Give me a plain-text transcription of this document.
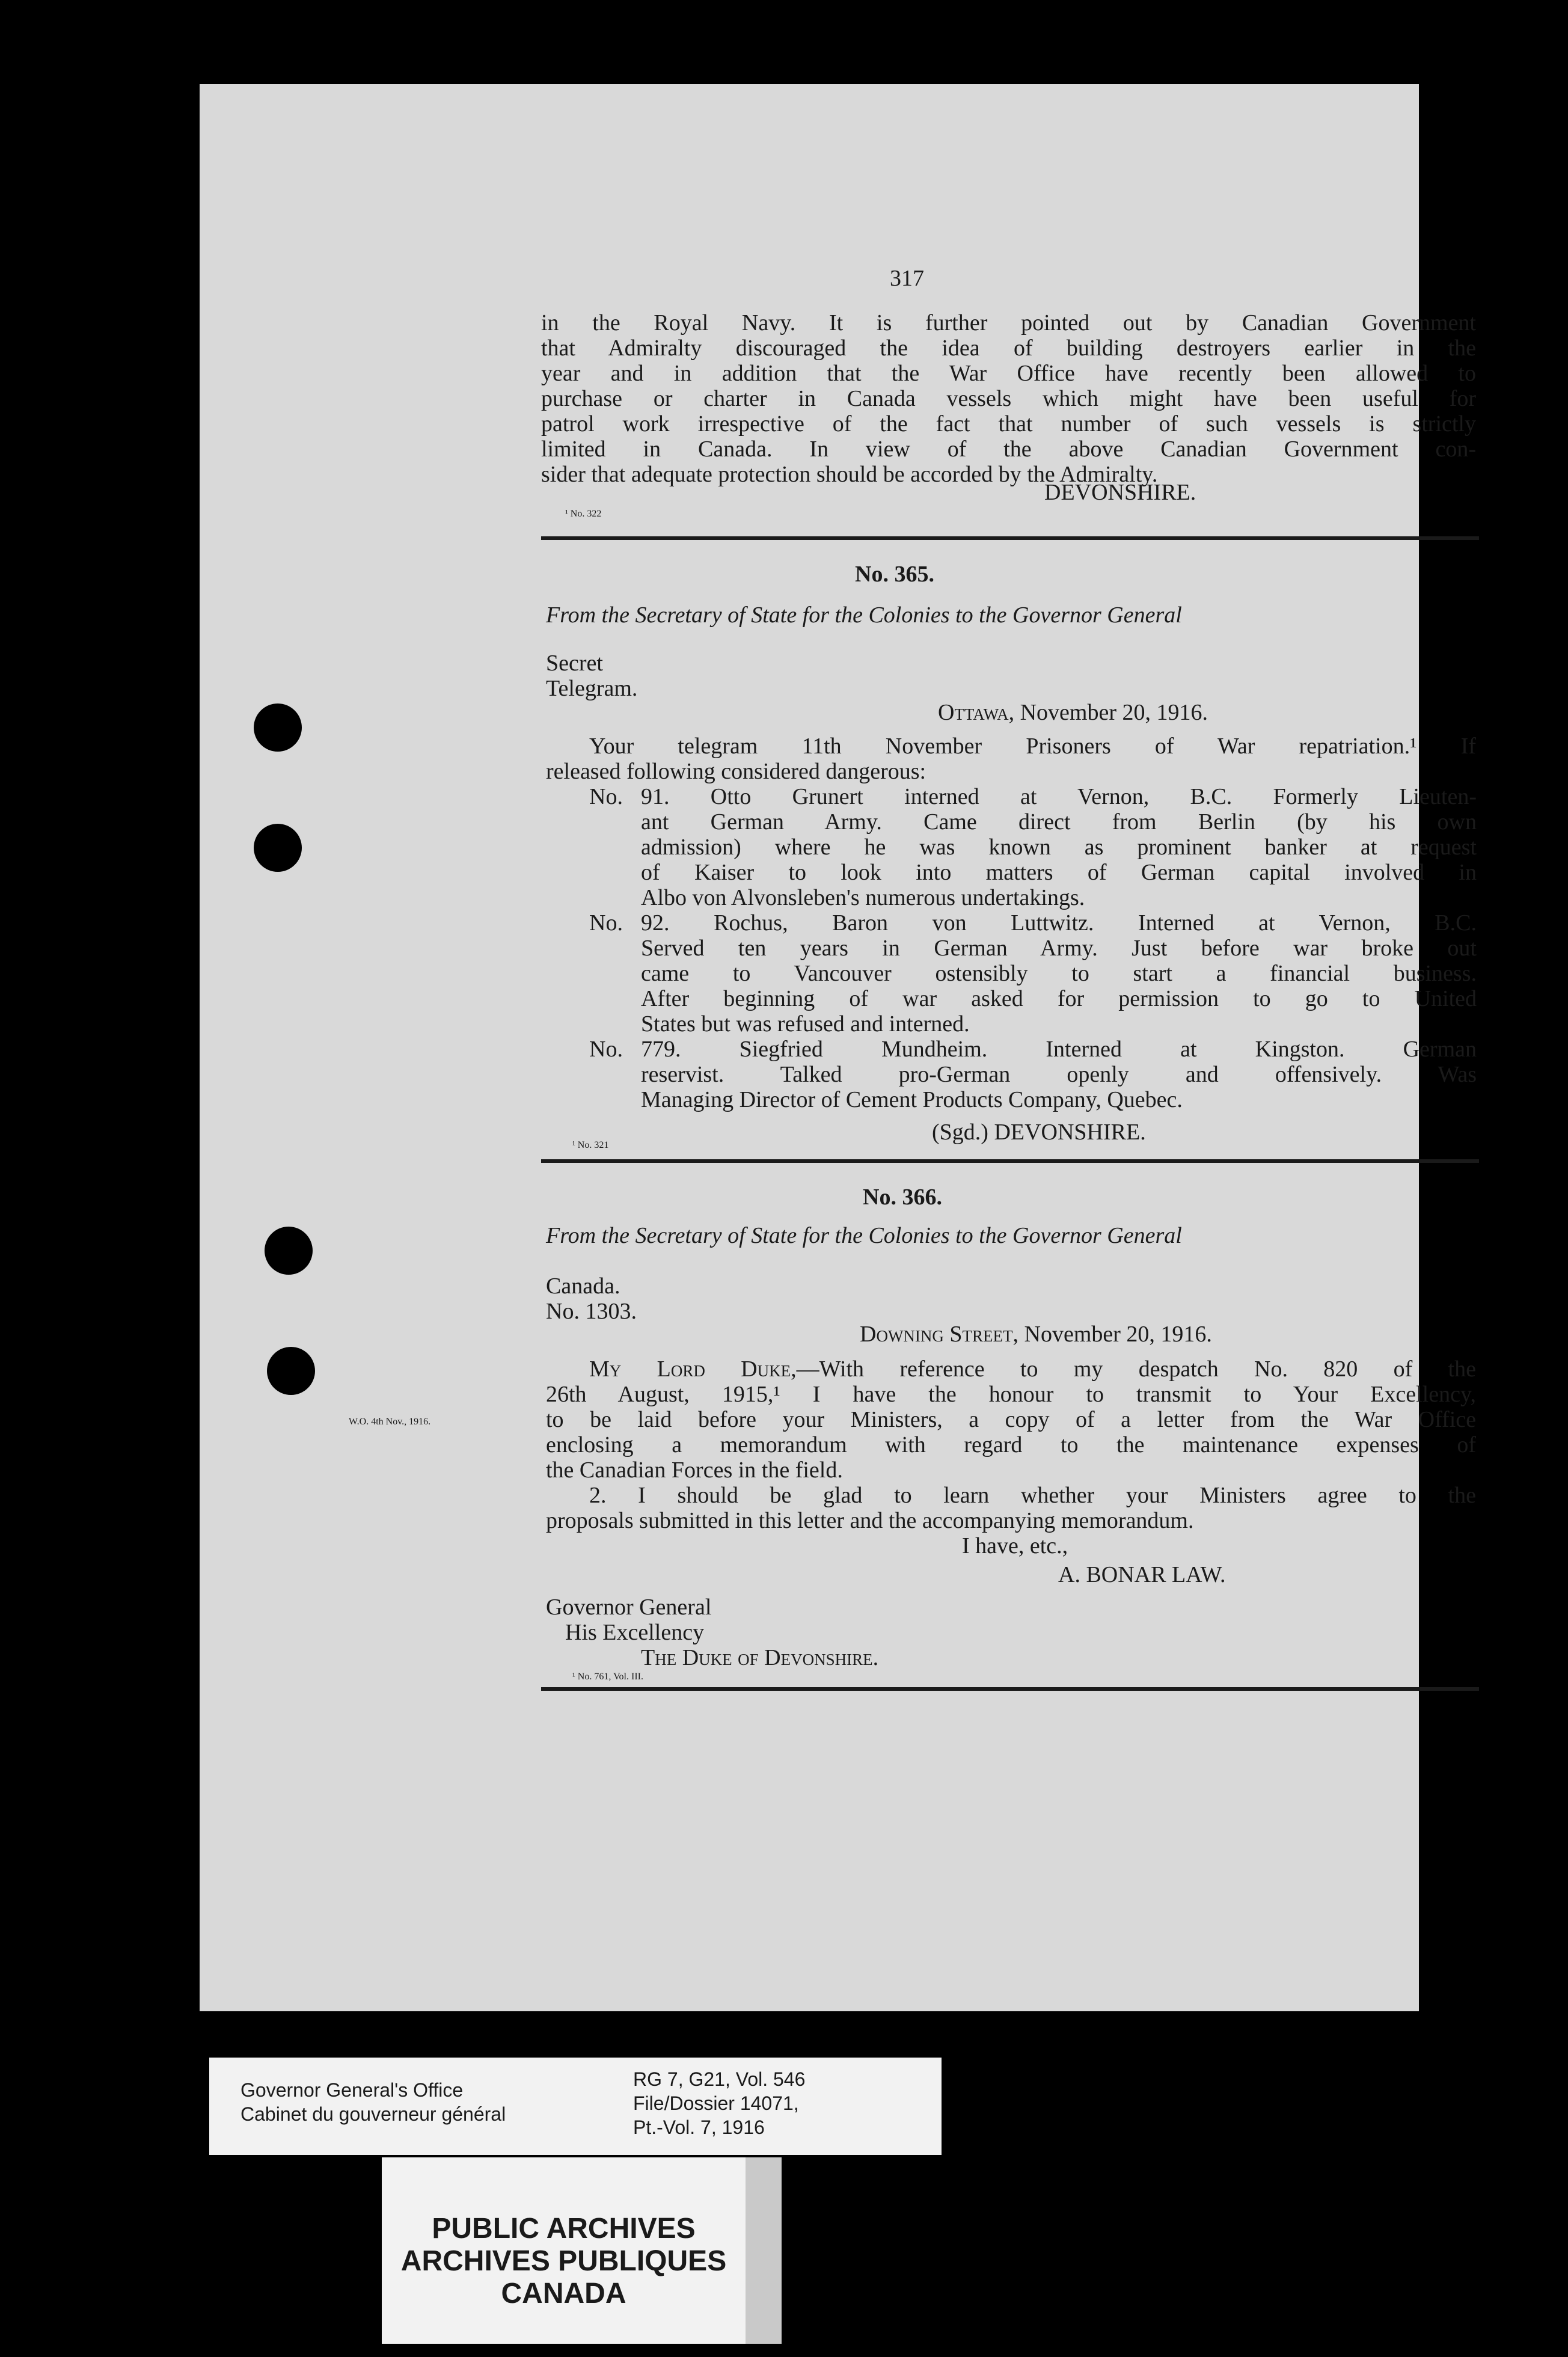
317
in the Royal Navy. It is further pointed out by Canadian Government
that Admiralty discouraged the idea of building destroyers earlier in the
year and in addition that the War Office have recently been allowed to
purchase or charter in Canada vessels which might have been useful for
patrol work irrespective of the fact that number of such vessels is strictly
limited in Canada. In view of the above Canadian Government con-
sider that adequate protection should be accorded by the Admiralty.
DEVONSHIRE.
¹ No. 322
No. 365.
From the Secretary of State for the Colonies to the Governor General
Secret
Telegram.
Ottawa, November 20, 1916.
Your telegram 11th November Prisoners of War repatriation.¹ If
released following considered dangerous:
No. 91. Otto Grunert interned at Vernon, B.C. Formerly Lieuten-
ant German Army. Came direct from Berlin (by his own
admission) where he was known as prominent banker at request
of Kaiser to look into matters of German capital involved in
Albo von Alvonsleben's numerous undertakings.
No. 92. Rochus, Baron von Luttwitz. Interned at Vernon, B.C.
Served ten years in German Army. Just before war broke out
came to Vancouver ostensibly to start a financial business.
After beginning of war asked for permission to go to United
States but was refused and interned.
No. 779. Siegfried Mundheim. Interned at Kingston. German
reservist. Talked pro-German openly and offensively. Was
Managing Director of Cement Products Company, Quebec.
(Sgd.) DEVONSHIRE.
¹ No. 321
No. 366.
From the Secretary of State for the Colonies to the Governor General
Canada.
No. 1303.
Downing Street, November 20, 1916.
My Lord Duke,—With reference to my despatch No. 820 of the
26th August, 1915,¹ I have the honour to transmit to Your Excellency,
W.O. 4th Nov., 1916.	to be laid before your Ministers, a copy of a letter from the War Office
enclosing a memorandum with regard to the maintenance expenses of
the Canadian Forces in the field.
2. I should be glad to learn whether your Ministers agree to the
proposals submitted in this letter and the accompanying memorandum.
I have, etc.,
A. BONAR LAW.
Governor General
His Excellency
The Duke of Devonshire.
¹ No. 761, Vol. III.
Governor General's Office
Cabinet du gouverneur général
RG 7, G21, Vol. 546
File/Dossier 14071,
Pt.-Vol. 7, 1916
PUBLIC ARCHIVES
ARCHIVES PUBLIQUES
CANADA
